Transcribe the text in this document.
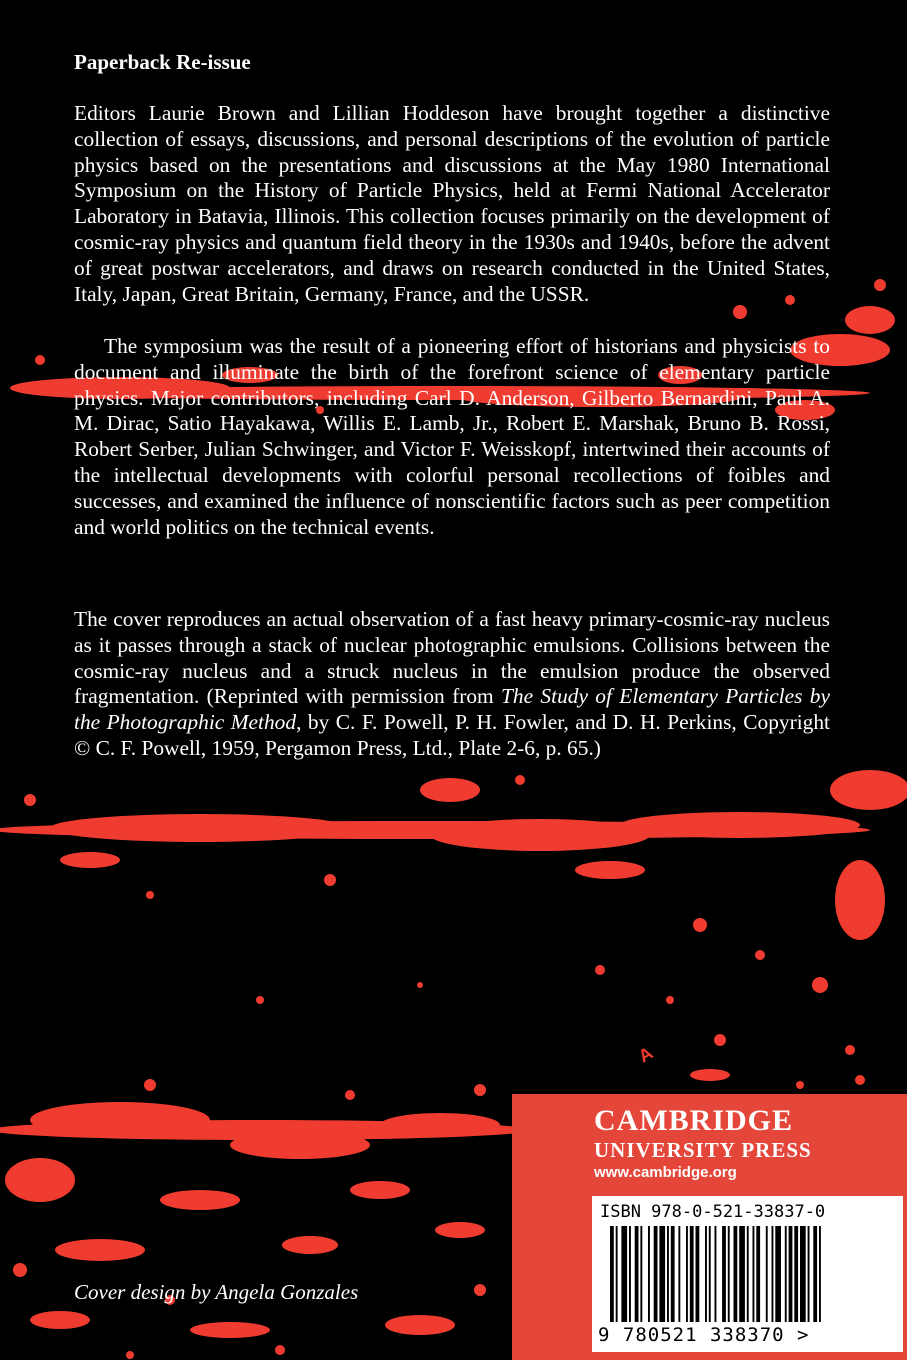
A
Paperback Re-issue
Editors Laurie Brown and Lillian Hoddeson have brought together a distinctive collection of essays, discussions, and personal descriptions of the evolution of particle physics based on the presentations and discussions at the May 1980 International Symposium on the History of Particle Physics, held at Fermi National Accelerator Laboratory in Batavia, Illinois. This collection focuses primarily on the development of cosmic-ray physics and quantum field theory in the 1930s and 1940s, before the advent of great postwar accelerators, and draws on research conducted in the United States, Italy, Japan, Great Britain, Germany, France, and the USSR.
The symposium was the result of a pioneering effort of historians and physicists to document and illuminate the birth of the forefront science of elementary particle physics. Major contributors, including Carl D. Anderson, Gilberto Bernardini, Paul A. M. Dirac, Satio Hayakawa, Willis E. Lamb, Jr., Robert E. Marshak, Bruno B. Rossi, Robert Serber, Julian Schwinger, and Victor F. Weisskopf, intertwined their accounts of the intellectual developments with colorful personal recollections of foibles and successes, and examined the influence of nonscientific factors such as peer competition and world politics on the technical events.
The cover reproduces an actual observation of a fast heavy primary-cosmic-ray nucleus as it passes through a stack of nuclear photographic emulsions. Collisions between the cosmic-ray nucleus and a struck nucleus in the emulsion produce the observed fragmentation. (Reprinted with permission from The Study of Elementary Particles by the Photographic Method, by C. F. Powell, P. H. Fowler, and D. H. Perkins, Copyright © C. F. Powell, 1959, Pergamon Press, Ltd., Plate 2-6, p. 65.)
Cover design by Angela Gonzales
CAMBRIDGE
UNIVERSITY PRESS
www.cambridge.org
ISBN 978-0-521-33837-0
9 780521 338370 >
